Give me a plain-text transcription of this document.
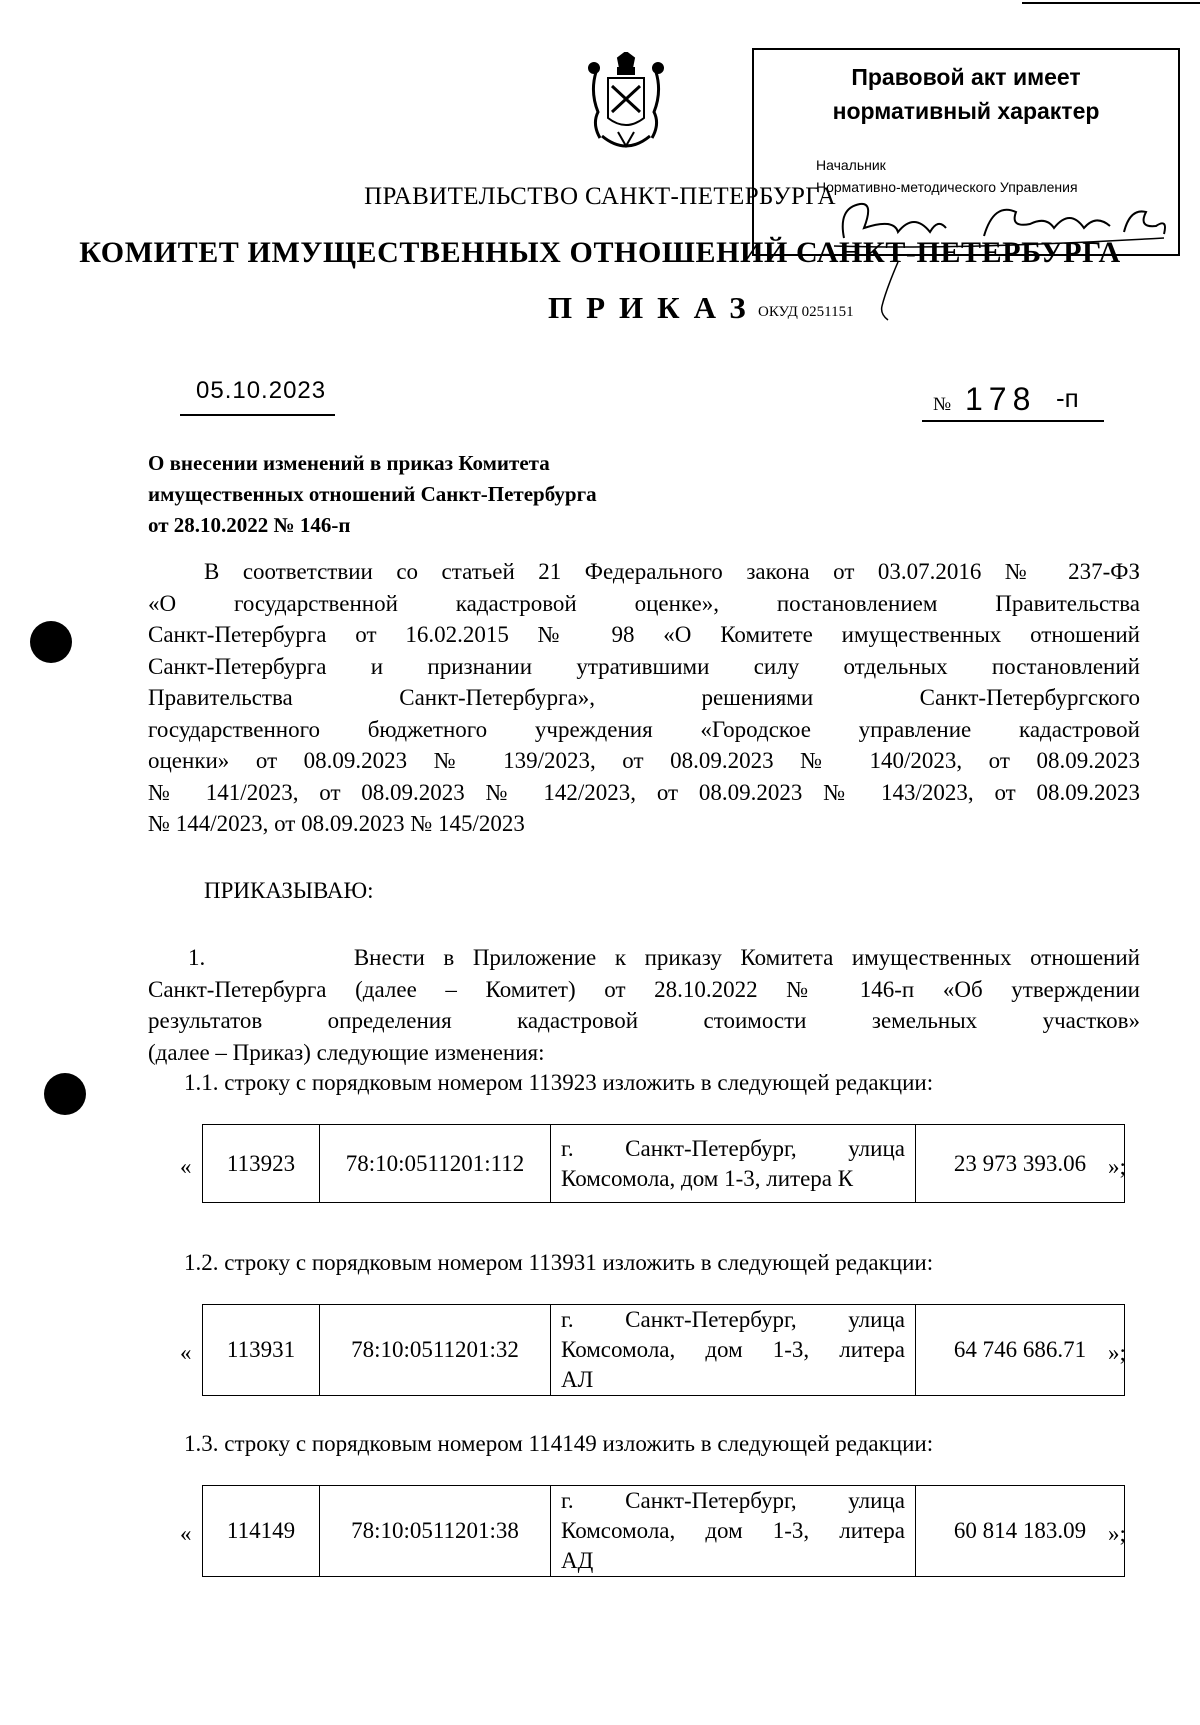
Правовой акт имеет
нормативный характер
Начальник
Нормативно-методического Управления
ПРАВИТЕЛЬСТВО САНКТ-ПЕТЕРБУРГА
КОМИТЕТ ИМУЩЕСТВЕННЫХ ОТНОШЕНИЙ САНКТ-ПЕТЕРБУРГА
ПРИКАЗ
ОКУД 0251151
05.10.2023
№ 178 -п
О внесении изменений в приказ Комитета
имущественных отношений Санкт-Петербурга
от 28.10.2022 № 146-п
В соответствии со статьей 21 Федерального закона от 03.07.2016 № 237-ФЗ
«О государственной кадастровой оценке», постановлением Правительства
Санкт-Петербурга от 16.02.2015 № 98 «О Комитете имущественных отношений
Санкт-Петербурга и признании утратившими силу отдельных постановлений
Правительства Санкт-Петербурга», решениями Санкт-Петербургского
государственного бюджетного учреждения «Городское управление кадастровой
оценки» от 08.09.2023 № 139/2023, от 08.09.2023 № 140/2023, от 08.09.2023
№ 141/2023, от 08.09.2023 № 142/2023, от 08.09.2023 № 143/2023, от 08.09.2023
№ 144/2023, от 08.09.2023 № 145/2023
ПРИКАЗЫВАЮ:
1.        Внести в Приложение к приказу Комитета имущественных отношений
Санкт-Петербурга (далее – Комитет) от 28.10.2022 № 146-п «Об утверждении
результатов определения кадастровой стоимости земельных участков»
(далее – Приказ) следующие изменения:
1.1. строку с порядковым номером 113923 изложить в следующей редакции:
« 113923	78:10:0511201:112	
г.   Санкт-Петербург,   улица
Комсомола, дом 1-3, литера К
	23 973 393.06 »;
1.2. строку с порядковым номером 113931 изложить в следующей редакции:
« 113931	78:10:0511201:32	
г.   Санкт-Петербург,   улица
Комсомола,  дом  1-3,  литера
АЛ
	64 746 686.71 »;
1.3. строку с порядковым номером 114149 изложить в следующей редакции:
« 114149	78:10:0511201:38	
г.   Санкт-Петербург,   улица
Комсомола,  дом  1-3,  литера
АД
	60 814 183.09 »;
